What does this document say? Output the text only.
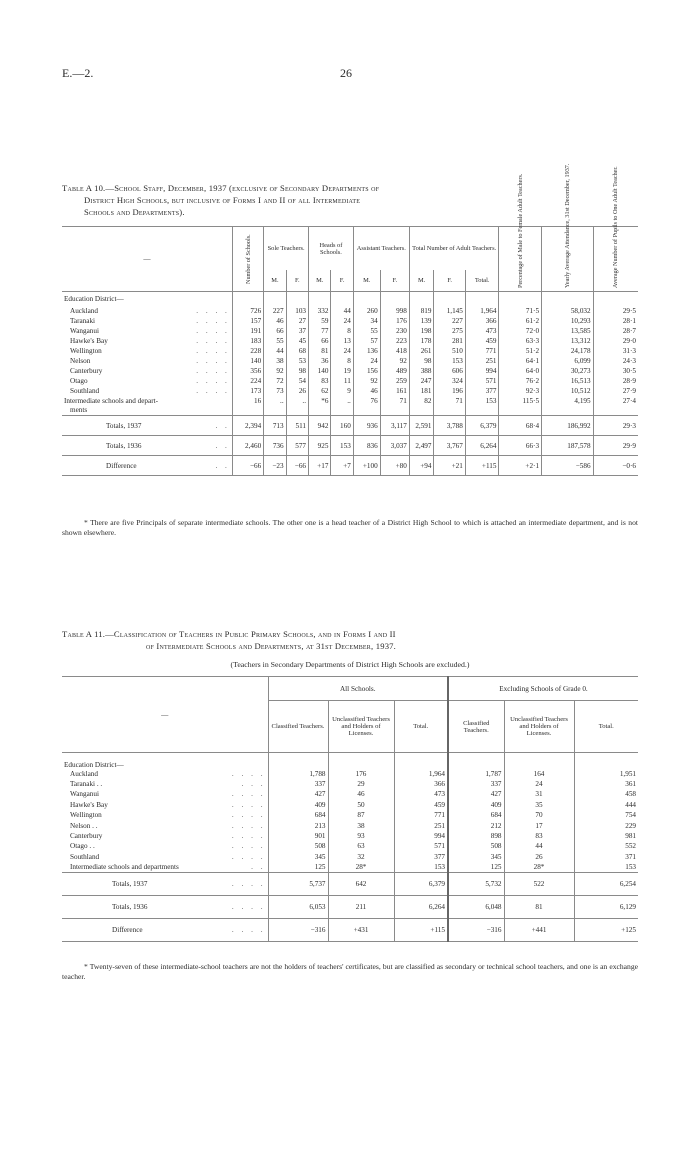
E.—2.	26
Table A 10.—School Staff, December, 1937 (exclusive of Secondary Departments of
District High Schools, but inclusive of Forms I and II of all Intermediate
Schools and Departments).
—	Number of Schools.	Sole Teachers.		Heads of Schools.		Assistant Teachers.		Total Number of Adult Teachers.			Percentage of Male to Female Adult Teachers.	Yearly Average Attendance, 31st December, 1937.	Average Number of Pupils to One Adult Teacher.

		M.	F.	M.	F.	M.	F.	M.	F.	Total.			
Education District—													
Auckland . . . .	726	227	103	332	44	260	998	819	1,145	1,964	71·5	58,032	29·5
Taranaki . . . .	157	46	27	59	24	34	176	139	227	366	61·2	10,293	28·1
Wanganui . . . .	191	66	37	77	8	55	230	198	275	473	72·0	13,585	28·7
Hawke's Bay . . . .	183	55	45	66	13	57	223	178	281	459	63·3	13,312	29·0
Wellington . . . .	228	44	68	81	24	136	418	261	510	771	51·2	24,178	31·3
Nelson . . . .	140	38	53	36	8	24	92	98	153	251	64·1	6,099	24·3
Canterbury . . . .	356	92	98	140	19	156	489	388	606	994	64·0	30,273	30·5
Otago . . . .	224	72	54	83	11	92	259	247	324	571	76·2	16,513	28·9
Southland . . . .	173	73	26	62	9	46	161	181	196	377	92·3	10,512	27·9
Intermediate schools and depart-	16	..	..	*6	..	76	71	82	71	153	115·5	4,195	27·4
ments													
Totals, 1937 . .	2,394	713	511	942	160	936	3,117	2,591	3,788	6,379	68·4	186,992	29·3
Totals, 1936 . .	2,460	736	577	925	153	836	3,037	2,497	3,767	6,264	66·3	187,578	29·9
Difference . .	−66	−23	−66	+17	+7	+100	+80	+94	+21	+115	+2·1	−586	−0·6
* There are five Principals of separate intermediate schools. The other one is a head teacher of a District High School to which is attached an intermediate department, and is not shown elsewhere.
Table A 11.—Classification of Teachers in Public Primary Schools, and in Forms I and II
of Intermediate Schools and Departments, at 31st December, 1937.
(Teachers in Secondary Departments of District High Schools are excluded.)
—	All Schools.			Excluding Schools of Grade 0.		
	Classified Teachers.	Unclassified Teachers and Holders of Licenses.	Total.	Classified Teachers.	Unclassified Teachers and Holders of Licenses.	Total.
Education District—						
Auckland . . . .	1,788	176	1,964	1,787	164	1,951
Taranaki . . . . .	337	29	366	337	24	361
Wanganui . . . .	427	46	473	427	31	458
Hawke's Bay . . . .	409	50	459	409	35	444
Wellington . . . .	684	87	771	684	70	754
Nelson . . . . . .	213	38	251	212	17	229
Canterbury . . . .	901	93	994	898	83	981
Otago . . . . . .	508	63	571	508	44	552
Southland . . . .	345	32	377	345	26	371
Intermediate schools and departments . .	125	28*	153	125	28*	153
Totals, 1937 . . . .	5,737	642	6,379	5,732	522	6,254
Totals, 1936 . . . .	6,053	211	6,264	6,048	81	6,129
Difference . . . .	−316	+431	+115	−316	+441	+125
* Twenty-seven of these intermediate-school teachers are not the holders of teachers' certificates, but are classified as secondary or technical school teachers, and one is an exchange teacher.
